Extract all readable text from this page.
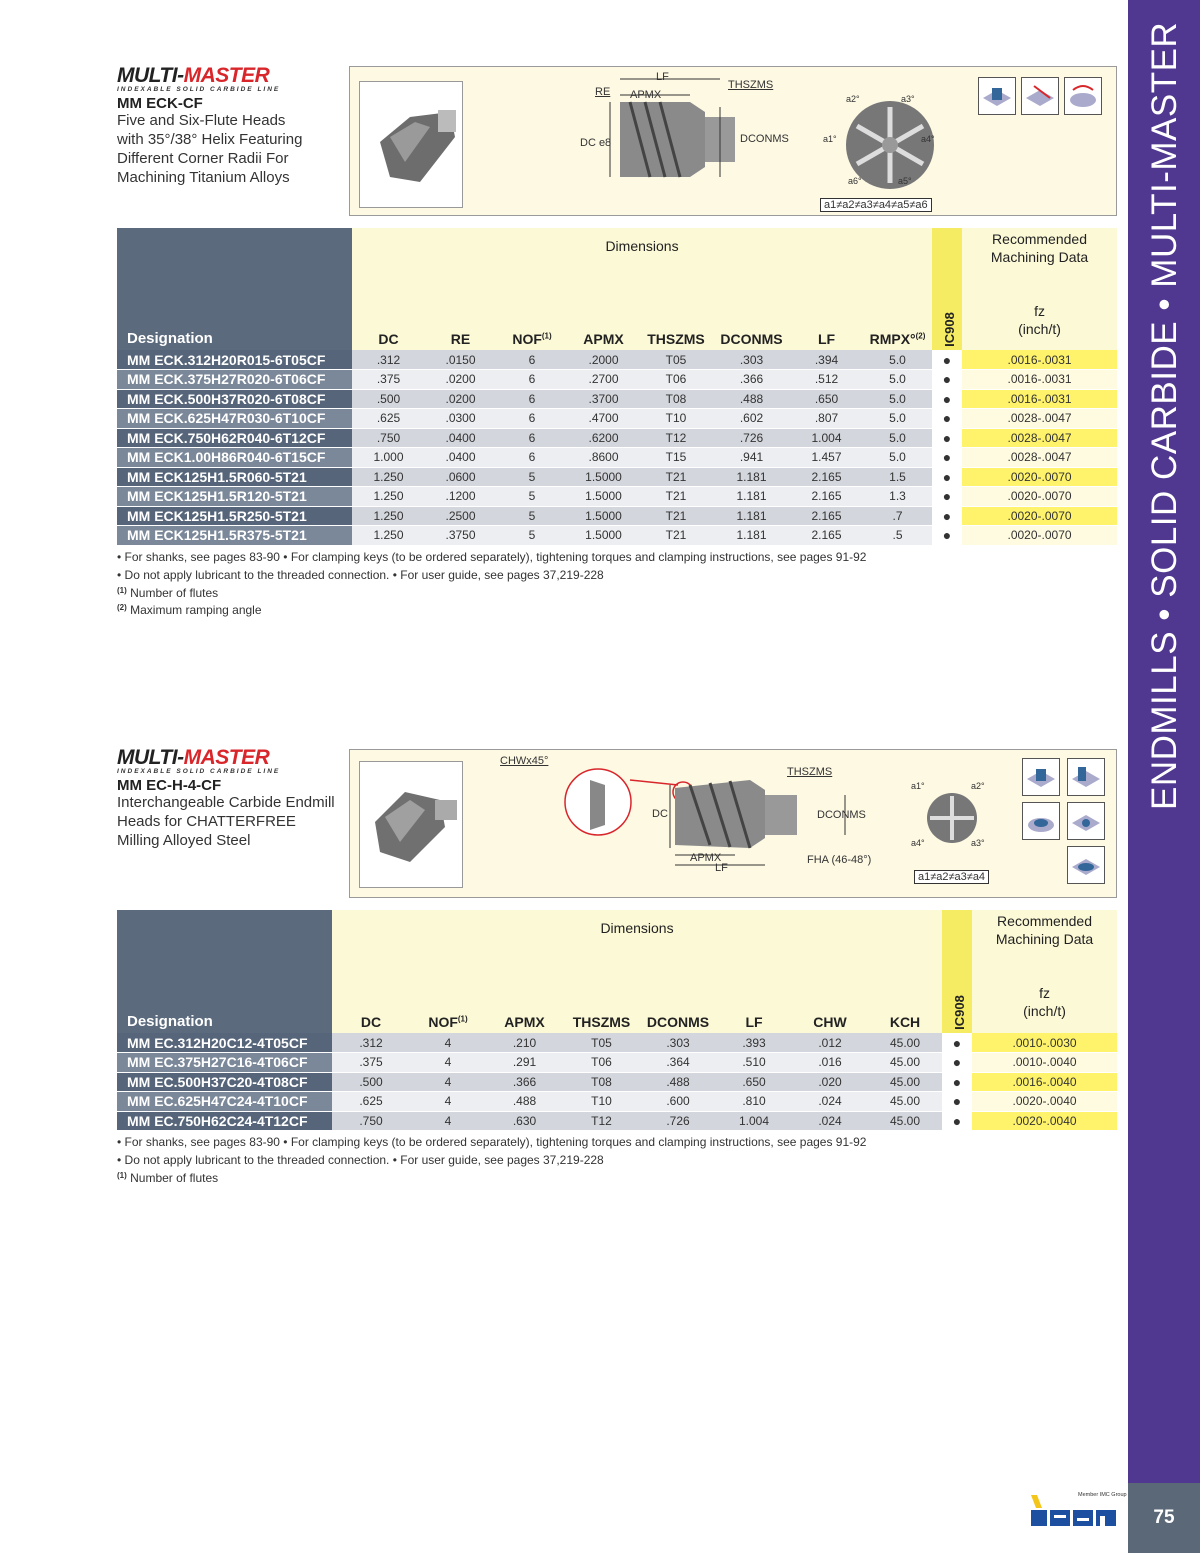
ENDMILLS • SOLID CARBIDE • MULTI-MASTER
75
Member IMC Group
MULTI-MASTER
INDEXABLE SOLID CARBIDE LINE
MM ECK-CF
Five and Six-Flute Heads
with 35°/38° Helix Featuring
Different Corner Radii For
Machining Titanium Alloys
LF
RE APMX
THSZMS
DC e8	DCONMS
a2°	a3°
a1°	a4°
a6°	a5°
a1≠a2≠a3≠a4≠a5≠a6
Designation	Dimensions								IC908	Recommended
Machining Data
fz
(inch/t)

	DC	RE	NOF$^{(1)}$	APMX	THSZMS	DCONMS	LF	RMPX°$^{(2)}$
MM ECK.312H20R015-6T05CF	.312	.0150	6	.2000	T05	.303	.394	5.0	●	.0016-.0031
MM ECK.375H27R020-6T06CF	.375	.0200	6	.2700	T06	.366	.512	5.0	●	.0016-.0031
MM ECK.500H37R020-6T08CF	.500	.0200	6	.3700	T08	.488	.650	5.0	●	.0016-.0031
MM ECK.625H47R030-6T10CF	.625	.0300	6	.4700	T10	.602	.807	5.0	●	.0028-.0047
MM ECK.750H62R040-6T12CF	.750	.0400	6	.6200	T12	.726	1.004	5.0	●	.0028-.0047
MM ECK1.00H86R040-6T15CF	1.000	.0400	6	.8600	T15	.941	1.457	5.0	●	.0028-.0047
MM ECK125H1.5R060-5T21	1.250	.0600	5	1.5000	T21	1.181	2.165	1.5	●	.0020-.0070
MM ECK125H1.5R120-5T21	1.250	.1200	5	1.5000	T21	1.181	2.165	1.3	●	.0020-.0070
MM ECK125H1.5R250-5T21	1.250	.2500	5	1.5000	T21	1.181	2.165	.7	●	.0020-.0070
MM ECK125H1.5R375-5T21	1.250	.3750	5	1.5000	T21	1.181	2.165	.5	●	.0020-.0070
• For shanks, see pages 83-90 • For clamping keys (to be ordered separately), tightening torques and clamping instructions, see pages 91-92
• Do not apply lubricant to the threaded connection. • For user guide, see pages 37,219-228
$^{(1)}$ Number of flutes
$^{(2)}$ Maximum ramping angle
MULTI-MASTER
INDEXABLE SOLID CARBIDE LINE
MM EC-H-4-CF
Interchangeable Carbide Endmill
Heads for CHATTERFREE
Milling Alloyed Steel
CHWx45°
THSZMS
DC	DCONMS
APMX
LF
FHA (46-48°)
a1°	a2°
a4°	a3°
a1≠a2≠a3≠a4
Designation	Dimensions								IC908	Recommended
Machining Data
fz
(inch/t)

	DC	NOF$^{(1)}$	APMX	THSZMS	DCONMS	LF	CHW	KCH		
MM EC.312H20C12-4T05CF	.312	4	.210	T05	.303	.393	.012	45.00	●	.0010-.0030
MM EC.375H27C16-4T06CF	.375	4	.291	T06	.364	.510	.016	45.00	●	.0010-.0040
MM EC.500H37C20-4T08CF	.500	4	.366	T08	.488	.650	.020	45.00	●	.0016-.0040
MM EC.625H47C24-4T10CF	.625	4	.488	T10	.600	.810	.024	45.00	●	.0020-.0040
MM EC.750H62C24-4T12CF	.750	4	.630	T12	.726	1.004	.024	45.00	●	.0020-.0040
• For shanks, see pages 83-90 • For clamping keys (to be ordered separately), tightening torques and clamping instructions, see pages 91-92
• Do not apply lubricant to the threaded connection. • For user guide, see pages 37,219-228
$^{(1)}$ Number of flutes
